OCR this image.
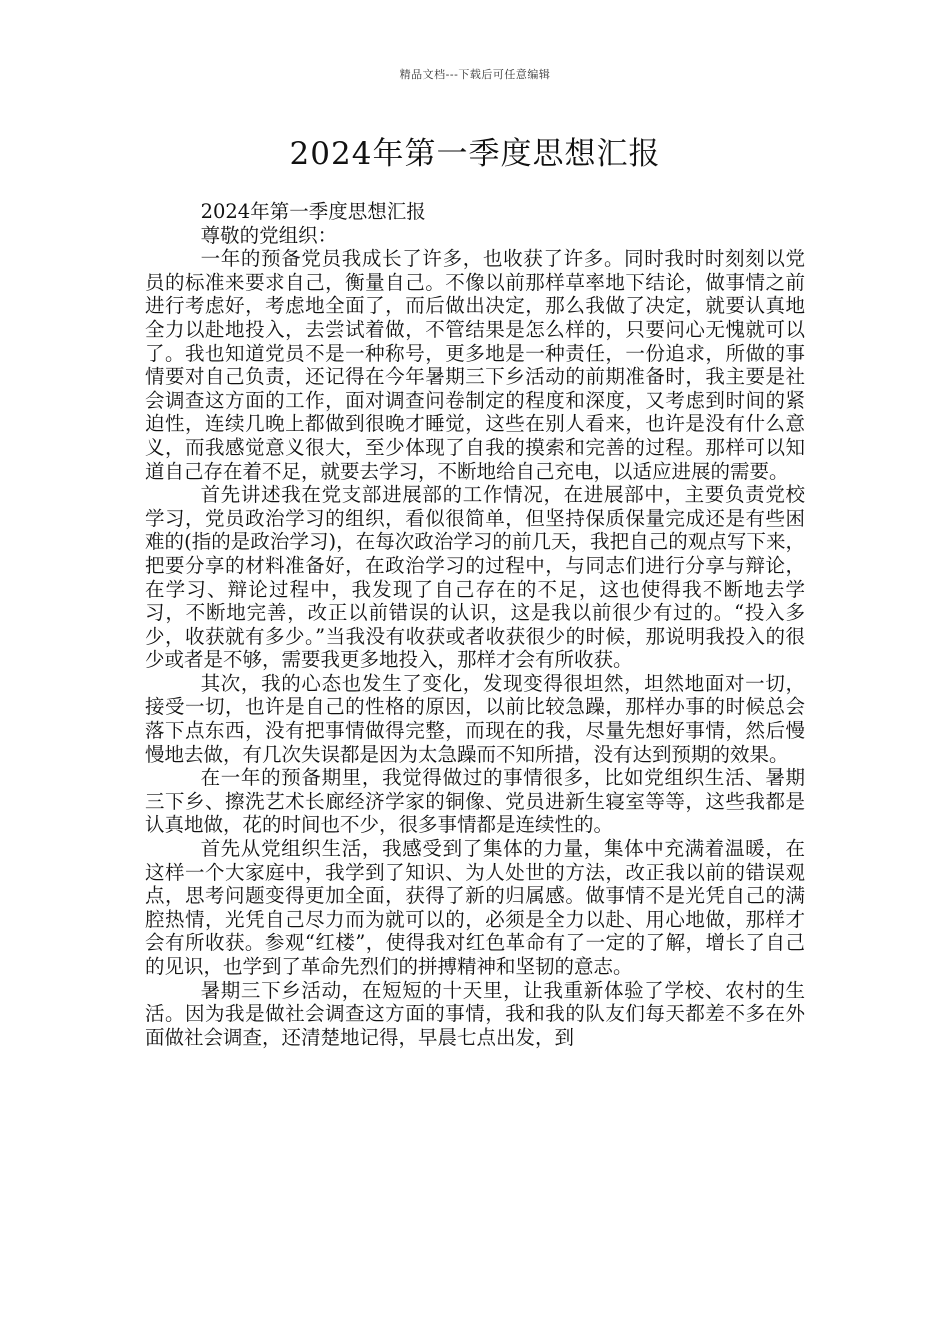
精品文档---下载后可任意编辑
2024年第一季度思想汇报

2024年第一季度思想汇报

尊敬的党组织：

一年的预备党员我成长了许多，也收获了许多。同时我时时刻刻以党员的标准来要求自己，衡量自己。不像以前那样草率地下结论，做事情之前进行考虑好，考虑地全面了，而后做出决定，那么我做了决定，就要认真地全力以赴地投入，去尝试着做，不管结果是怎么样的，只要问心无愧就可以了。我也知道党员不是一种称号，更多地是一种责任，一份追求，所做的事情要对自己负责，还记得在今年暑期三下乡活动的前期准备时，我主要是社会调查这方面的工作，面对调查问卷制定的程度和深度，又考虑到时间的紧迫性，连续几晚上都做到很晚才睡觉，这些在别人看来，也许是没有什么意义，而我感觉意义很大，至少体现了自我的摸索和完善的过程。那样可以知道自己存在着不足，就要去学习，不断地给自己充电，以适应进展的需要。

首先讲述我在党支部进展部的工作情况，在进展部中，主要负责党校学习，党员政治学习的组织，看似很简单，但坚持保质保量完成还是有些困难的(指的是政治学习)，在每次政治学习的前几天，我把自己的观点写下来，把要分享的材料准备好，在政治学习的过程中，与同志们进行分享与辩论，在学习、辩论过程中，我发现了自己存在的不足，这也使得我不断地去学习，不断地完善，改正以前错误的认识，这是我以前很少有过的。“投入多少，收获就有多少。”当我没有收获或者收获很少的时候，那说明我投入的很少或者是不够，需要我更多地投入，那样才会有所收获。

其次，我的心态也发生了变化，发现变得很坦然，坦然地面对一切，接受一切，也许是自己的性格的原因，以前比较急躁，那样办事的时候总会落下点东西，没有把事情做得完整，而现在的我，尽量先想好事情，然后慢慢地去做，有几次失误都是因为太急躁而不知所措，没有达到预期的效果。

在一年的预备期里，我觉得做过的事情很多，比如党组织生活、暑期三下乡、擦洗艺术长廊经济学家的铜像、党员进新生寝室等等，这些我都是认真地做，花的时间也不少，很多事情都是连续性的。

首先从党组织生活，我感受到了集体的力量，集体中充满着温暖，在这样一个大家庭中，我学到了知识、为人处世的方法，改正我以前的错误观点，思考问题变得更加全面，获得了新的归属感。做事情不是光凭自己的满腔热情，光凭自己尽力而为就可以的，必须是全力以赴、用心地做，那样才会有所收获。参观“红楼”，使得我对红色革命有了一定的了解，增长了自己的见识，也学到了革命先烈们的拼搏精神和坚韧的意志。

暑期三下乡活动，在短短的十天里，让我重新体验了学校、农村的生活。因为我是做社会调查这方面的事情，我和我的队友们每天都差不多在外面做社会调查，还清楚地记得，早晨七点出发，到
